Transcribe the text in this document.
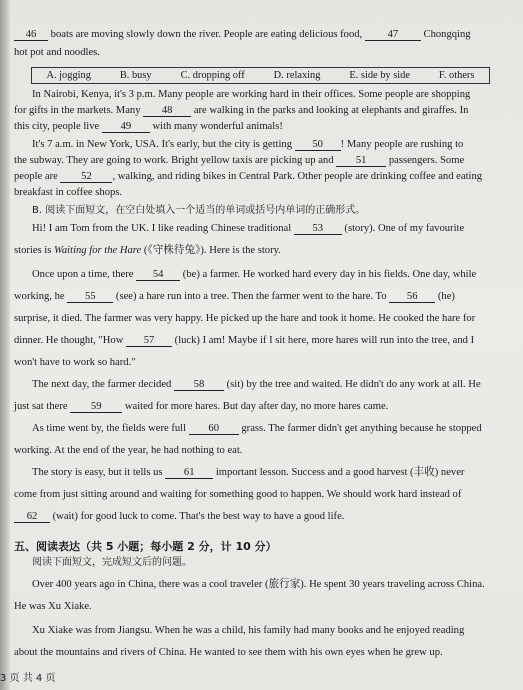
46 boats are moving slowly down the river. People are eating delicious food, 47 Chongqing
hot pot and noodles.
A. jogging	B. busy	C. dropping off	D. relaxing	E. side by side	F. others
In Nairobi, Kenya, it's 3 p.m. Many people are working hard in their offices. Some people are shopping
for gifts in the markets. Many 48 are walking in the parks and looking at elephants and giraffes. In
this city, people live 49 with many wonderful animals!
It's 7 a.m. in New York, USA. It's early, but the city is getting 50 ! Many people are rushing to
the subway. They are going to work. Bright yellow taxis are picking up and 51 passengers. Some
people are 52 , walking, and riding bikes in Central Park. Other people are drinking coffee and eating
breakfast in coffee shops.
B. 阅读下面短文，在空白处填入一个适当的单词或括号内单词的正确形式。
Hi! I am Tom from the UK. I like reading Chinese traditional 53 (story). One of my favourite
stories is Waiting for the Hare (《守株待兔》). Here is the story.
Once upon a time, there 54 (be) a farmer. He worked hard every day in his fields. One day, while
working, he 55 (see) a hare run into a tree. Then the farmer went to the hare. To 56 (he)
surprise, it died. The farmer was very happy. He picked up the hare and took it home. He cooked the hare for
dinner. He thought, "How 57 (luck) I am! Maybe if I sit here, more hares will run into the tree, and I
won't have to work so hard."
The next day, the farmer decided 58 (sit) by the tree and waited. He didn't do any work at all. He
just sat there 59 waited for more hares. But day after day, no more hares came.
As time went by, the fields were full 60 grass. The farmer didn't get anything because he stopped
working. At the end of the year, he had nothing to eat.
The story is easy, but it tells us 61 important lesson. Success and a good harvest (丰收) never
come from just sitting around and waiting for something good to happen. We should work hard instead of
62 (wait) for good luck to come. That's the best way to have a good life.
五、阅读表达（共 5 小题；每小题 2 分，计 10 分）
阅读下面短文，完成短文后的问题。
Over 400 years ago in China, there was a cool traveler (旅行家). He spent 30 years traveling across China.
He was Xu Xiake.
Xu Xiake was from Jiangsu. When he was a child, his family had many books and he enjoyed reading
about the mountains and rivers of China. He wanted to see them with his own eyes when he grew up.
3 页 共 4 页
